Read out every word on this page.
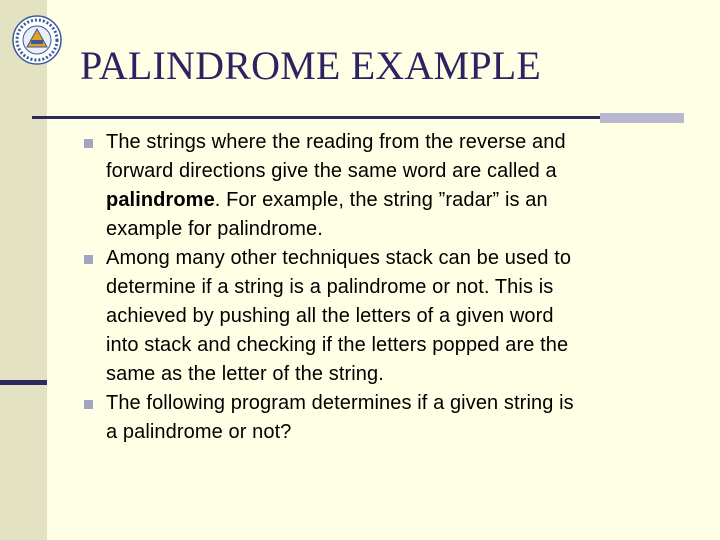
PALINDROME EXAMPLE
The strings where the reading from the reverse and
forward directions give the same word are called a
palindrome. For example, the string ”radar” is an
example for palindrome.
Among many other techniques stack can be used to
determine if a string is a palindrome or not. This is
achieved by pushing all the letters of a given word
into stack and checking if the letters popped are the
same as the letter of the string.
The following program determines if a given string is
a palindrome or not?
